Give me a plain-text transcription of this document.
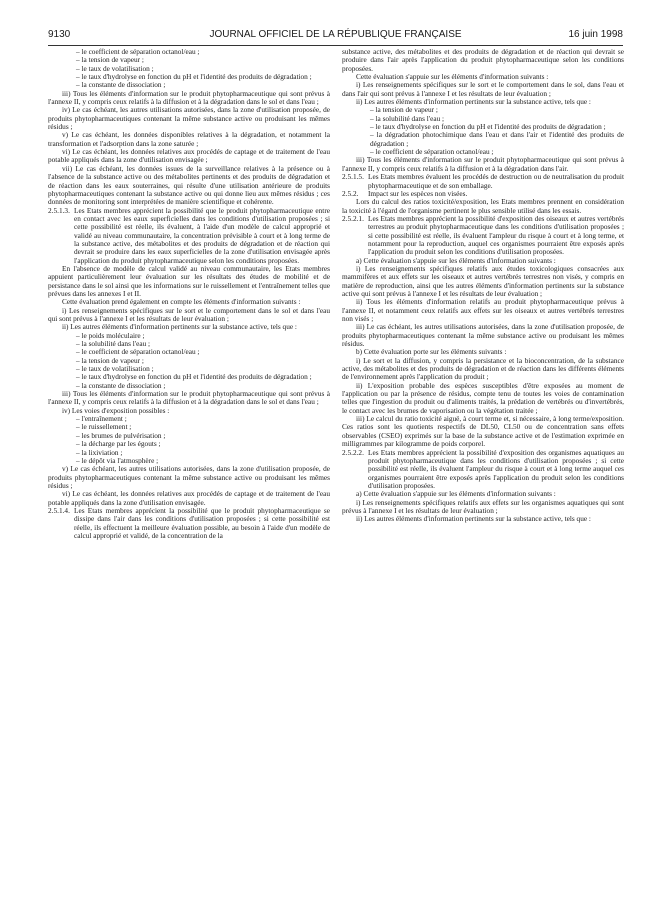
9130	JOURNAL OFFICIEL DE LA RÉPUBLIQUE FRANÇAISE	16 juin 1998

– le coefficient de séparation octanol/eau ;

– la tension de vapeur ;

– le taux de volatilisation ;

– le taux d'hydrolyse en fonction du pH et l'identité des produits de dégradation ;

– la constante de dissociation ;

iii) Tous les éléments d'information sur le produit phytopharmaceutique qui sont prévus à l'annexe II, y compris ceux relatifs à la diffusion et à la dégradation dans le sol et dans l'eau ;

iv) Le cas échéant, les autres utilisations autorisées, dans la zone d'utilisation proposée, de produits phytopharmaceutiques contenant la même substance active ou produisant les mêmes résidus ;

v) Le cas échéant, les données disponibles relatives à la dégradation, et notamment la transformation et l'adsorption dans la zone saturée ;

vi) Le cas échéant, les données relatives aux procédés de captage et de traitement de l'eau potable appliqués dans la zone d'utilisation envisagée ;

vii) Le cas échéant, les données issues de la surveillance relatives à la présence ou à l'absence de la substance active ou des métabolites pertinents et des produits de dégradation et de réaction dans les eaux souterraines, qui résulte d'une utilisation antérieure de produits phytopharmaceutiques contenant la substance active ou qui donne lieu aux mêmes résidus ; ces données de monitoring sont interprétées de manière scientifique et cohérente.

2.5.1.3. Les Etats membres apprécient la possibilité que le produit phytopharmaceutique entre en contact avec les eaux superficielles dans les conditions d'utilisation proposées ; si cette possibilité est réelle, ils évaluent, à l'aide d'un modèle de calcul approprié et validé au niveau communautaire, la concentration prévisible à court et à long terme de la substance active, des métabolites et des produits de dégradation et de réaction qui devrait se produire dans les eaux superficielles de la zone d'utilisation envisagée après l'application du produit phytopharmaceutique selon les conditions proposées.

En l'absence de modèle de calcul validé au niveau communautaire, les Etats membres appuient particulièrement leur évaluation sur les résultats des études de mobilité et de persistance dans le sol ainsi que les informations sur le ruissellement et l'entraînement telles que prévues dans les annexes I et II.

Cette évaluation prend également en compte les éléments d'information suivants :

i) Les renseignements spécifiques sur le sort et le comportement dans le sol et dans l'eau qui sont prévus à l'annexe I et les résultats de leur évaluation ;

ii) Les autres éléments d'information pertinents sur la substance active, tels que :

– le poids moléculaire ;

– la solubilité dans l'eau ;

– le coefficient de séparation octanol/eau ;

– la tension de vapeur ;

– le taux de volatilisation ;

– le taux d'hydrolyse en fonction du pH et l'identité des produits de dégradation ;

– la constante de dissociation ;

iii) Tous les éléments d'information sur le produit phytopharmaceutique qui sont prévus à l'annexe II, y compris ceux relatifs à la diffusion et à la dégradation dans le sol et dans l'eau ;

iv) Les voies d'exposition possibles :

– l'entraînement ;

– le ruissellement ;

– les brumes de pulvérisation ;

– la décharge par les égouts ;

– la lixiviation ;

– le dépôt via l'atmosphère ;

v) Le cas échéant, les autres utilisations autorisées, dans la zone d'utilisation proposée, de produits phytopharmaceutiques contenant la même substance active ou produisant les mêmes résidus ;

vi) Le cas échéant, les données relatives aux procédés de captage et de traitement de l'eau potable appliqués dans la zone d'utilisation envisagée.

2.5.1.4. Les Etats membres apprécient la possibilité que le produit phytopharmaceutique se dissipe dans l'air dans les conditions d'utilisation proposées ; si cette possibilité est réelle, ils effectuent la meilleure évaluation possible, au besoin à l'aide d'un modèle de calcul approprié et validé, de la concentration de la

substance active, des métabolites et des produits de dégradation et de réaction qui devrait se produire dans l'air après l'application du produit phytopharmaceutique selon les conditions proposées.

Cette évaluation s'appuie sur les éléments d'information suivants :

i) Les renseignements spécifiques sur le sort et le comportement dans le sol, dans l'eau et dans l'air qui sont prévus à l'annexe I et les résultats de leur évaluation ;

ii) Les autres éléments d'information pertinents sur la substance active, tels que :

– la tension de vapeur ;

– la solubilité dans l'eau ;

– le taux d'hydrolyse en fonction du pH et l'identité des produits de dégradation ;

– la dégradation photochimique dans l'eau et dans l'air et l'identité des produits de dégradation ;

– le coefficient de séparation octanol/eau ;

iii) Tous les éléments d'information sur le produit phytopharmaceutique qui sont prévus à l'annexe II, y compris ceux relatifs à la diffusion et à la dégradation dans l'air.

2.5.1.5. Les Etats membres évaluent les procédés de destruction ou de neutralisation du produit phytopharmaceutique et de son emballage.

2.5.2. Impact sur les espèces non visées.

Lors du calcul des ratios toxicité/exposition, les Etats membres prennent en considération la toxicité à l'égard de l'organisme pertinent le plus sensible utilisé dans les essais.

2.5.2.1. Les Etats membres apprécient la possibilité d'exposition des oiseaux et autres vertébrés terrestres au produit phytopharmaceutique dans les conditions d'utilisation proposées ; si cette possibilité est réelle, ils évaluent l'ampleur du risque à court et à long terme, et notamment pour la reproduction, auquel ces organismes pourraient être exposés après l'application du produit selon les conditions d'utilisation proposées.

a) Cette évaluation s'appuie sur les éléments d'information suivants :

i) Les renseignements spécifiques relatifs aux études toxicologiques consacrées aux mammifères et aux effets sur les oiseaux et autres vertébrés terrestres non visés, y compris en matière de reproduction, ainsi que les autres éléments d'information pertinents sur la substance active qui sont prévus à l'annexe I et les résultats de leur évaluation ;

ii) Tous les éléments d'information relatifs au produit phytopharmaceutique prévus à l'annexe II, et notamment ceux relatifs aux effets sur les oiseaux et autres vertébrés terrestres non visés ;

iii) Le cas échéant, les autres utilisations autorisées, dans la zone d'utilisation proposée, de produits phytopharmaceutiques contenant la même substance active ou produisant les mêmes résidus.

b) Cette évaluation porte sur les éléments suivants :

i) Le sort et la diffusion, y compris la persistance et la bioconcentration, de la substance active, des métabolites et des produits de dégradation et de réaction dans les différents éléments de l'environnement après l'application du produit ;

ii) L'exposition probable des espèces susceptibles d'être exposées au moment de l'application ou par la présence de résidus, compte tenu de toutes les voies de contamination telles que l'ingestion du produit ou d'aliments traités, la prédation de vertébrés ou d'invertébrés, le contact avec les brumes de vaporisation ou la végétation traitée ;

iii) Le calcul du ratio toxicité aiguë, à court terme et, si nécessaire, à long terme/exposition. Ces ratios sont les quotients respectifs de DL50, CL50 ou de concentration sans effets observables (CSEO) exprimés sur la base de la substance active et de l'estimation exprimée en milligrammes par kilogramme de poids corporel.

2.5.2.2. Les Etats membres apprécient la possibilité d'exposition des organismes aquatiques au produit phytopharmaceutique dans les conditions d'utilisation proposées ; si cette possibilité est réelle, ils évaluent l'ampleur du risque à court et à long terme auquel ces organismes pourraient être exposés après l'application du produit selon les conditions d'utilisation proposées.

a) Cette évaluation s'appuie sur les éléments d'information suivants :

i) Les renseignements spécifiques relatifs aux effets sur les organismes aquatiques qui sont prévus à l'annexe I et les résultats de leur évaluation ;

ii) Les autres éléments d'information pertinents sur la substance active, tels que :
